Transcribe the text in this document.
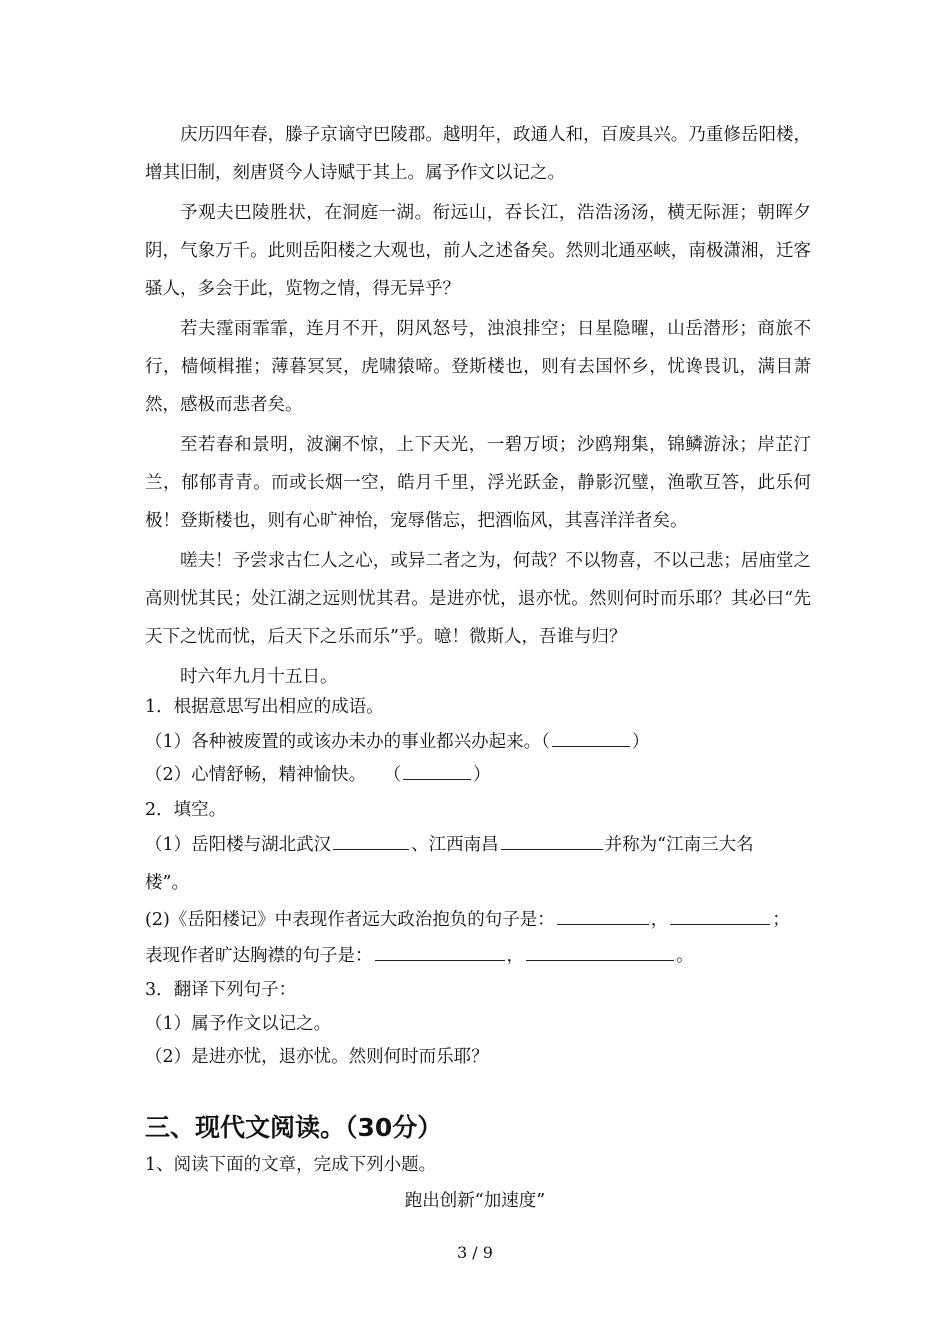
庆历四年春，滕子京谪守巴陵郡。越明年，政通人和，百废具兴。乃重修岳阳楼，增其旧制，刻唐贤今人诗赋于其上。属予作文以记之。

予观夫巴陵胜状，在洞庭一湖。衔远山，吞长江，浩浩汤汤，横无际涯；朝晖夕阴，气象万千。此则岳阳楼之大观也，前人之述备矣。然则北通巫峡，南极潇湘，迁客骚人，多会于此，览物之情，得无异乎？

若夫霪雨霏霏，连月不开，阴风怒号，浊浪排空；日星隐曜，山岳潜形；商旅不行，樯倾楫摧；薄暮冥冥，虎啸猿啼。登斯楼也，则有去国怀乡，忧谗畏讥，满目萧然，感极而悲者矣。

至若春和景明，波澜不惊，上下天光，一碧万顷；沙鸥翔集，锦鳞游泳；岸芷汀兰，郁郁青青。而或长烟一空，皓月千里，浮光跃金，静影沉璧，渔歌互答，此乐何极！登斯楼也，则有心旷神怡，宠辱偕忘，把酒临风，其喜洋洋者矣。

嗟夫！予尝求古仁人之心，或异二者之为，何哉？不以物喜，不以己悲；居庙堂之高则忧其民；处江湖之远则忧其君。是进亦忧，退亦忧。然则何时而乐耶？其必曰“先天下之忧而忧，后天下之乐而乐”乎。噫！微斯人，吾谁与归？

时六年九月十五日。

1．根据意思写出相应的成语。

（1）各种被废置的或该办未办的事业都兴办起来。（	）
（2）心情舒畅，精神愉快。　　（	）

2．填空。

（1）岳阳楼与湖北武汉	、江西南昌	并称为“江南三大名

楼”。

(2)《岳阳楼记》中表现作者远大政治抱负的句子是：	，	；
表现作者旷达胸襟的句子是：	，	。

3．翻译下列句子：

（1）属予作文以记之。

（2）是进亦忧，退亦忧。然则何时而乐耶？

三、现代文阅读。（30分）

1、阅读下面的文章，完成下列小题。

跑出创新“加速度”

3 / 9
